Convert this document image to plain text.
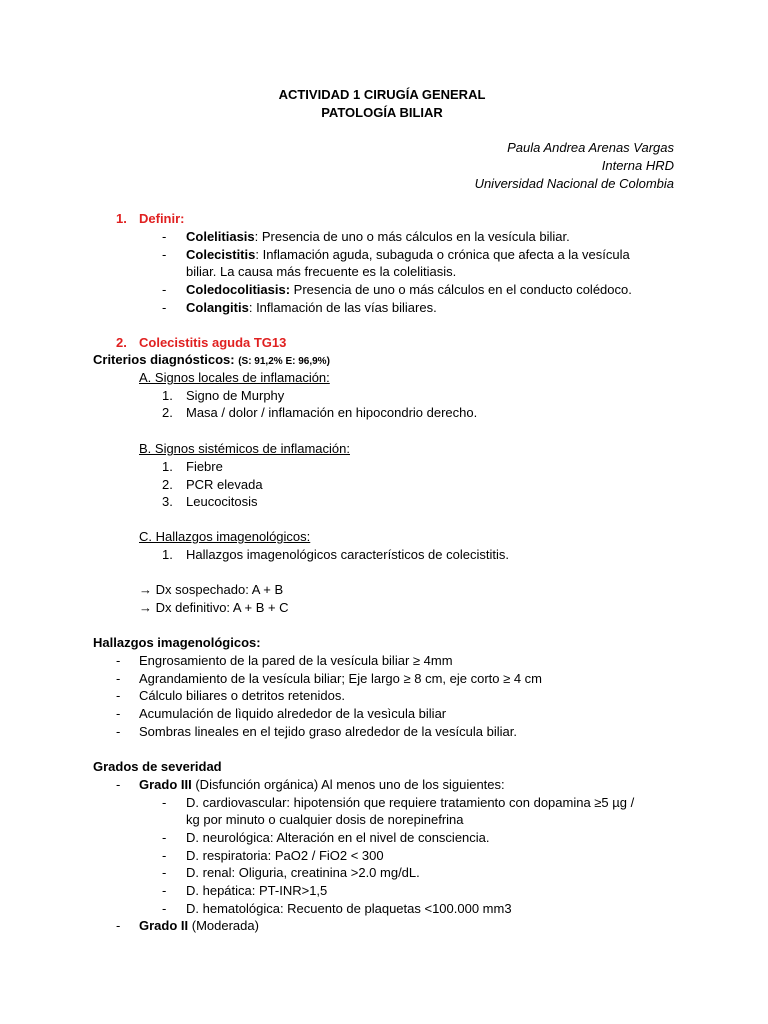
ACTIVIDAD 1 CIRUGÍA GENERAL
PATOLOGÍA BILIAR
Paula Andrea Arenas Vargas
Interna HRD
Universidad Nacional de Colombia
1. Definir:
- Colelitiasis: Presencia de uno o más cálculos en la vesícula biliar.
- Colecistitis: Inflamación aguda, subaguda o crónica que afecta a la vesícula
biliar. La causa más frecuente es la colelitiasis.
- Coledocolitiasis: Presencia de uno o más cálculos en el conducto colédoco.
- Colangitis: Inflamación de las vías biliares.
2. Colecistitis aguda TG13
Criterios diagnósticos: (S: 91,2% E: 96,9%)
A. Signos locales de inflamación:
1. Signo de Murphy
2. Masa / dolor / inflamación en hipocondrio derecho.
B. Signos sistémicos de inflamación:
1. Fiebre
2. PCR elevada
3. Leucocitosis
C. Hallazgos imagenológicos:
1. Hallazgos imagenológicos característicos de colecistitis.
→ Dx sospechado: A + B
→ Dx definitivo: A + B + C
Hallazgos imagenológicos:
- Engrosamiento de la pared de la vesícula biliar ≥ 4mm
- Agrandamiento de la vesícula biliar; Eje largo ≥ 8 cm, eje corto ≥ 4 cm
- Cálculo biliares o detritos retenidos.
- Acumulación de lìquido alrededor de la vesìcula biliar
- Sombras lineales en el tejido graso alrededor de la vesícula biliar.
Grados de severidad
- Grado III (Disfunción orgánica) Al menos uno de los siguientes:
- D. cardiovascular: hipotensión que requiere tratamiento con dopamina ≥5 µg /
kg por minuto o cualquier dosis de norepinefrina
- D. neurológica: Alteración en el nivel de consciencia.
- D. respiratoria: PaO2 / FiO2 < 300
- D. renal: Oliguria, creatinina >2.0 mg/dL.
- D. hepática: PT-INR>1,5
- D. hematológica: Recuento de plaquetas <100.000 mm3
- Grado II (Moderada)
